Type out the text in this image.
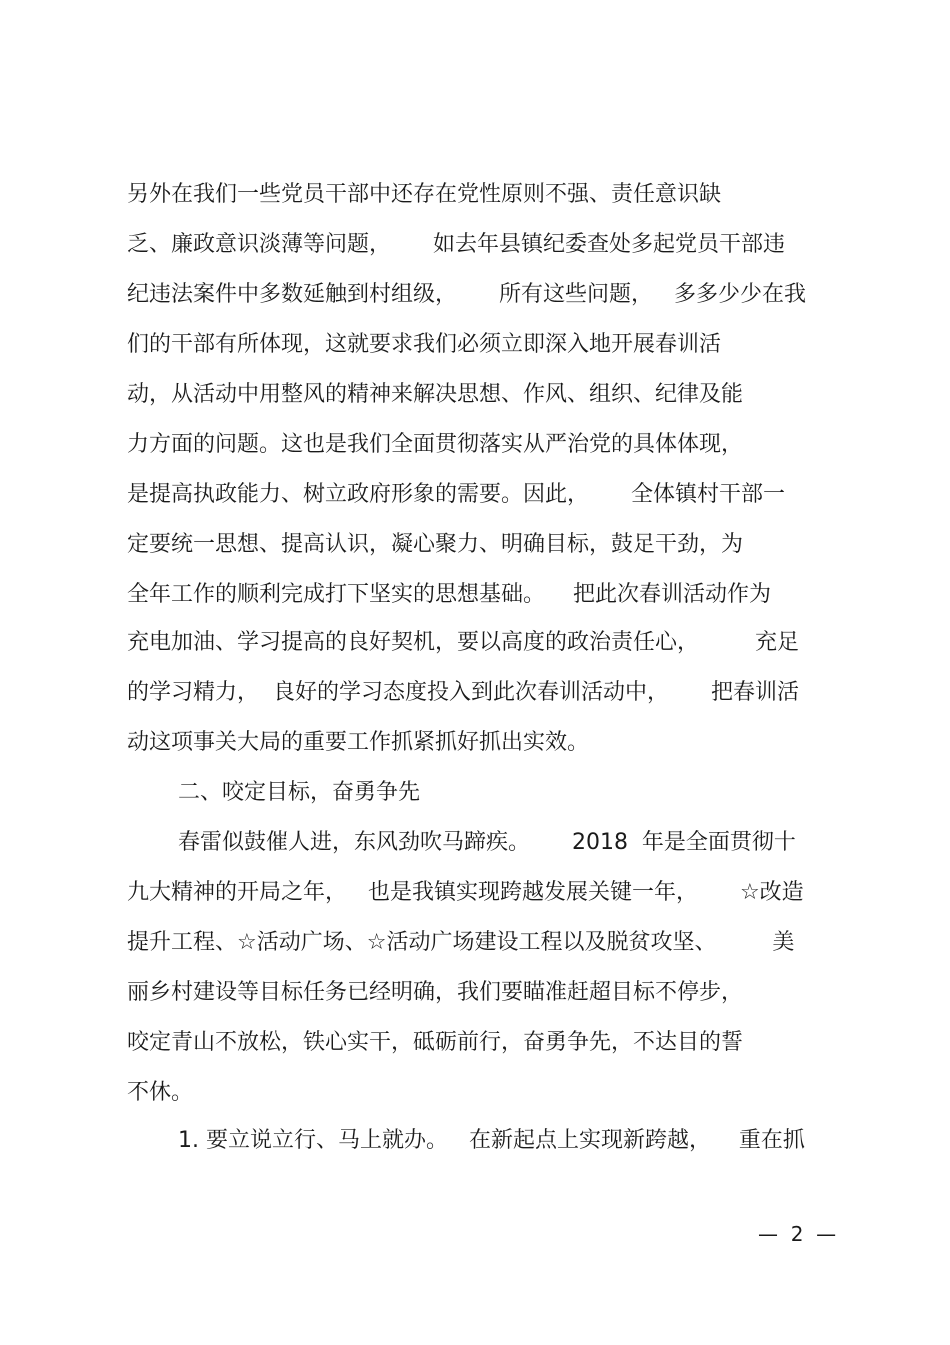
另外在我们一些党员干部中还存在党性原则不强、责任意识缺
乏、廉政意识淡薄等问题，      如去年县镇纪委查处多起党员干部违
纪违法案件中多数延触到村组级，      所有这些问题，   多多少少在我
们的干部有所体现，这就要求我们必须立即深入地开展春训活
动，从活动中用整风的精神来解决思想、作风、组织、纪律及能
力方面的问题。这也是我们全面贯彻落实从严治党的具体体现，
是提高执政能力、树立政府形象的需要。因此，      全体镇村干部一
定要统一思想、提高认识，凝心聚力、明确目标，鼓足干劲，为
全年工作的顺利完成打下坚实的思想基础。    把此次春训活动作为
充电加油、学习提高的良好契机，要以高度的政治责任心，        充足
的学习精力，  良好的学习态度投入到此次春训活动中，      把春训活
动这项事关大局的重要工作抓紧抓好抓出实效。
二、咬定目标，奋勇争先
春雷似鼓催人进，东风劲吹马蹄疾。      2018  年是全面贯彻十
九大精神的开局之年，   也是我镇实现跨越发展关键一年，      ☆改造
提升工程、☆活动广场、☆活动广场建设工程以及脱贫攻坚、        美
丽乡村建设等目标任务已经明确，我们要瞄准赶超目标不停步，
咬定青山不放松，铁心实干，砥砺前行，奋勇争先，不达目的誓
不休。
1. 要立说立行、马上就办。   在新起点上实现新跨越，    重在抓
—  2  —
